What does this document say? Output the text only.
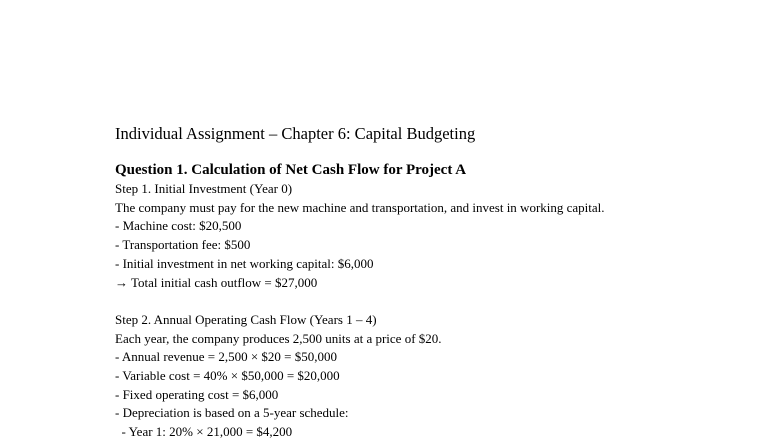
Individual Assignment – Chapter 6: Capital Budgeting
Question 1. Calculation of Net Cash Flow for Project A

Step 1. Initial Investment (Year 0)

The company must pay for the new machine and transportation, and invest in working capital.

- Machine cost: $20,500

- Transportation fee: $500

- Initial investment in net working capital: $6,000

→ Total initial cash outflow = $27,000

Step 2. Annual Operating Cash Flow (Years 1 – 4)

Each year, the company produces 2,500 units at a price of $20.

- Annual revenue = 2,500 × $20 = $50,000

- Variable cost = 40% × $50,000 = $20,000

- Fixed operating cost = $6,000

- Depreciation is based on a 5-year schedule:

- Year 1: 20% × 21,000 = $4,200
